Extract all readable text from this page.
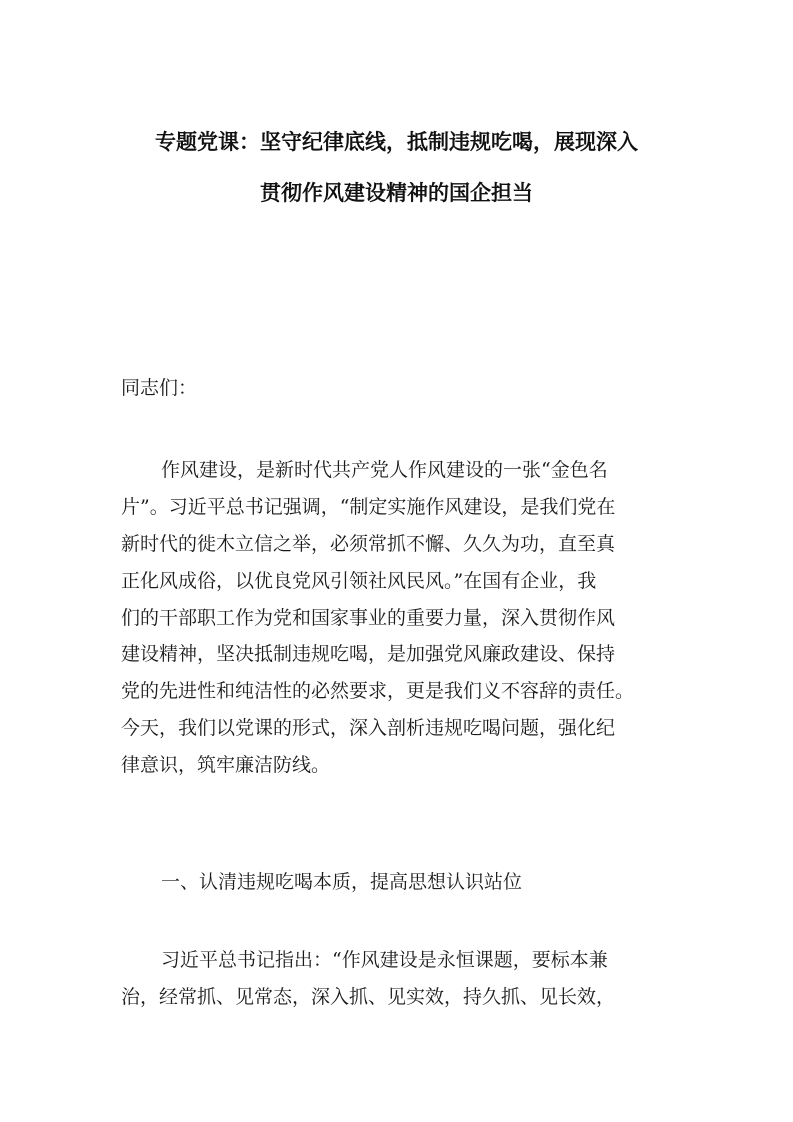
专题党课：坚守纪律底线，抵制违规吃喝，展现深入
贯彻作风建设精神的国企担当
同志们：
作风建设，是新时代共产党人作风建设的一张“金色名
片”。习近平总书记强调，“制定实施作风建设，是我们党在
新时代的徙木立信之举，必须常抓不懈、久久为功，直至真
正化风成俗，以优良党风引领社风民风。”在国有企业，我
们的干部职工作为党和国家事业的重要力量，深入贯彻作风
建设精神，坚决抵制违规吃喝，是加强党风廉政建设、保持
党的先进性和纯洁性的必然要求，更是我们义不容辞的责任。
今天，我们以党课的形式，深入剖析违规吃喝问题，强化纪
律意识，筑牢廉洁防线。
一、认清违规吃喝本质，提高思想认识站位
习近平总书记指出：“作风建设是永恒课题，要标本兼
治，经常抓、见常态，深入抓、见实效，持久抓、见长效，
